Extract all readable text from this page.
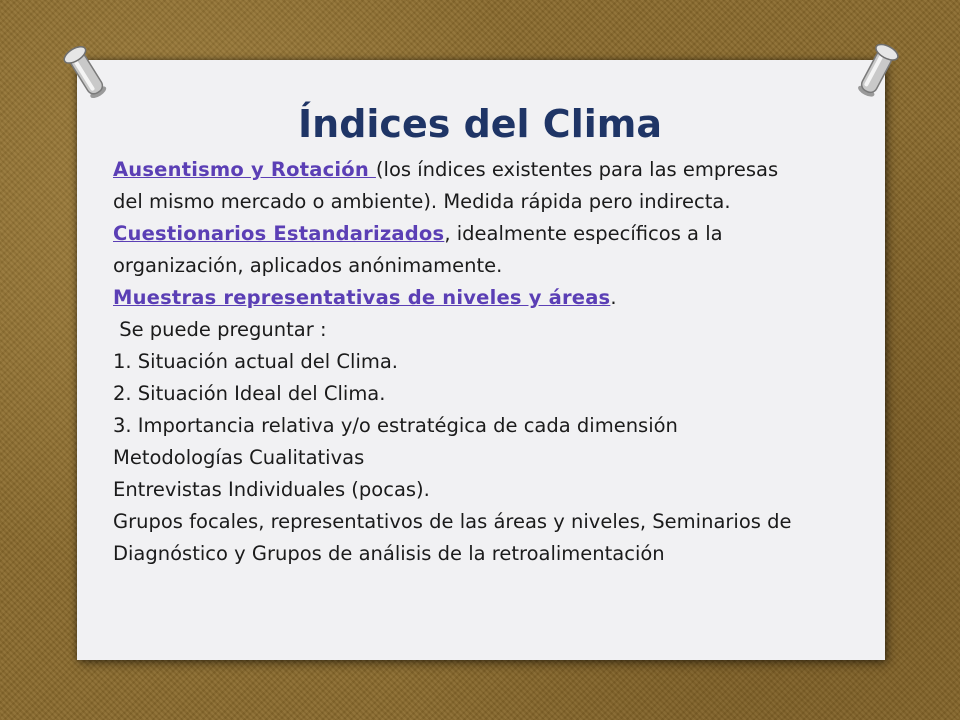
Índices del Clima

Ausentismo y Rotación (los índices existentes para las empresas

del mismo mercado o ambiente). Medida rápida pero indirecta.

Cuestionarios Estandarizados, idealmente específicos a la

organización, aplicados anónimamente.

Muestras representativas de niveles y áreas.

Se puede preguntar :

1. Situación actual del Clima.

2. Situación Ideal del Clima.

3. Importancia relativa y/o estratégica de cada dimensión

Metodologías Cualitativas

Entrevistas Individuales (pocas).

Grupos focales, representativos de las áreas y niveles, Seminarios de

Diagnóstico y Grupos de análisis de la retroalimentación
